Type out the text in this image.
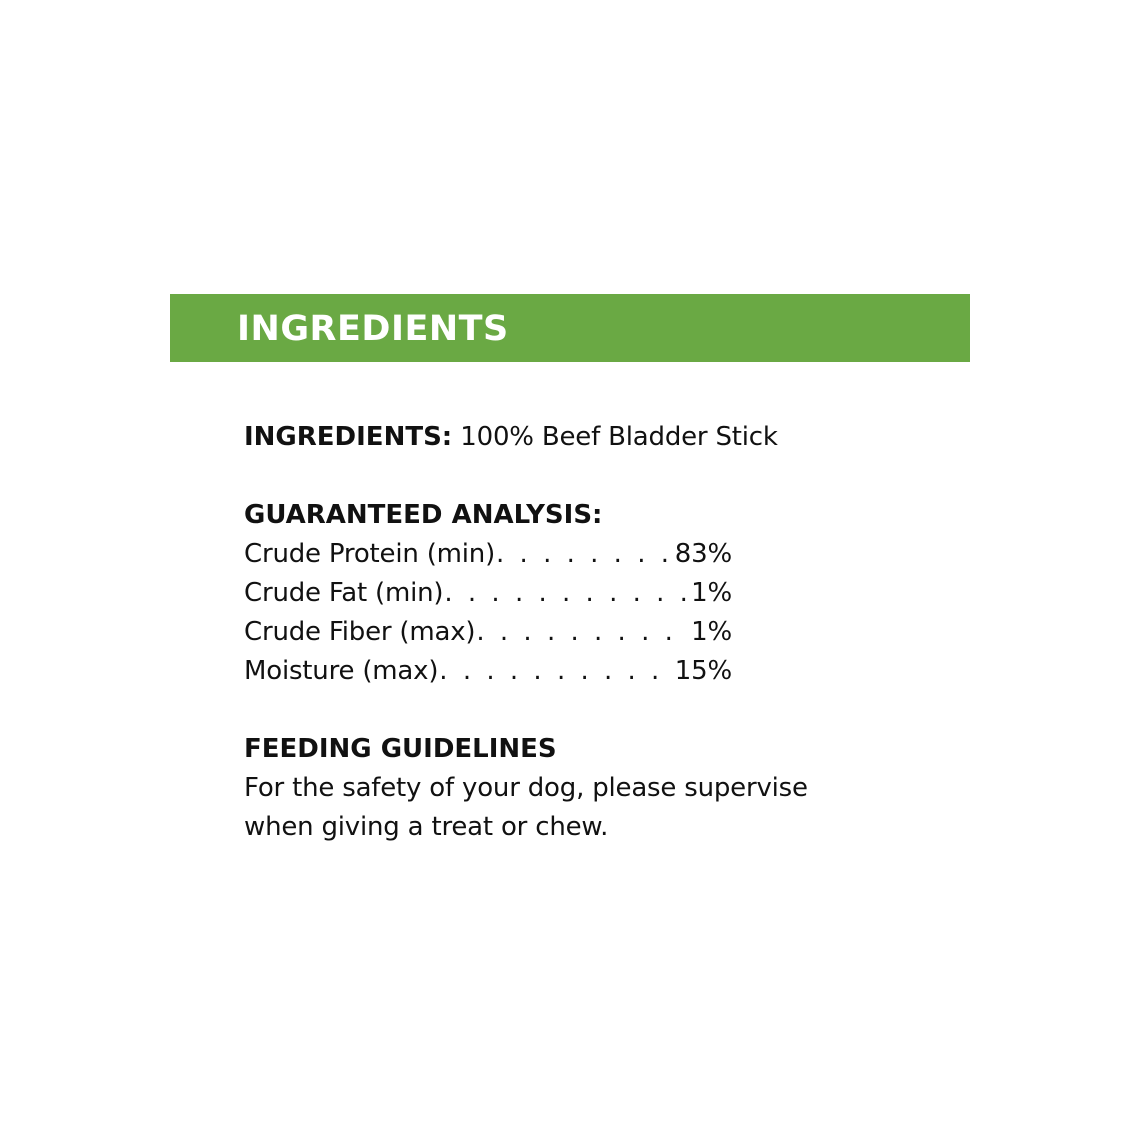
INGREDIENTS
INGREDIENTS: 100% Beef Bladder Stick
GUARANTEED ANALYSIS:
Crude Protein (min) . . .	83%
Crude Fat (min) . . .	1%
Crude Fiber (max) . . .	1%
Moisture (max) . . .	15%
FEEDING GUIDELINES
For the safety of your dog, please supervise when giving a treat or chew.
